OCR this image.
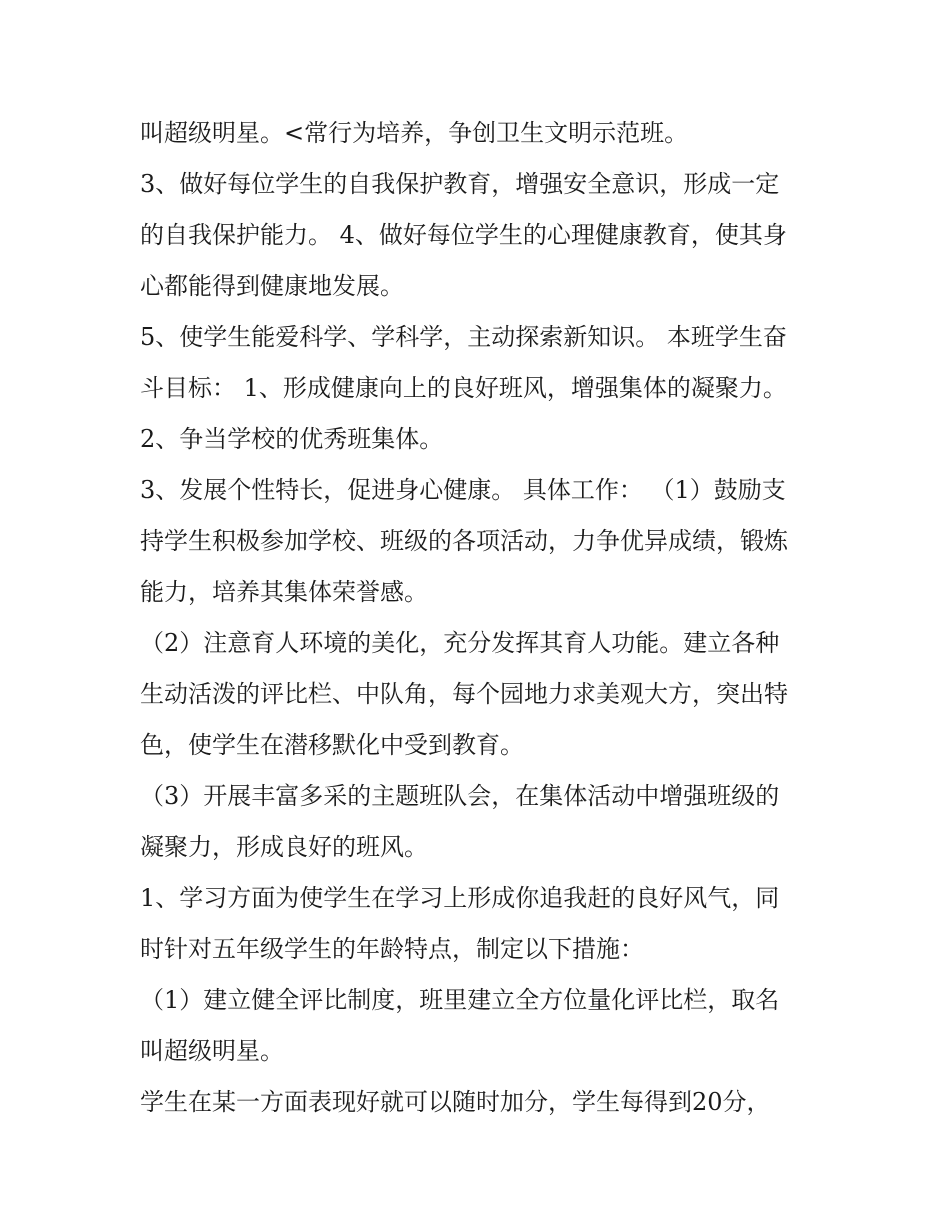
叫超级明星。<常行为培养，争创卫生文明示范班。
3、做好每位学生的自我保护教育，增强安全意识，形成一定
的自我保护能力。 4、做好每位学生的心理健康教育，使其身
心都能得到健康地发展。
5、使学生能爱科学、学科学，主动探索新知识。 本班学生奋
斗目标： 1、形成健康向上的良好班风，增强集体的凝聚力。
2、争当学校的优秀班集体。
3、发展个性特长，促进身心健康。 具体工作： （1）鼓励支
持学生积极参加学校、班级的各项活动，力争优异成绩，锻炼
能力，培养其集体荣誉感。
（2）注意育人环境的美化，充分发挥其育人功能。建立各种
生动活泼的评比栏、中队角，每个园地力求美观大方，突出特
色，使学生在潜移默化中受到教育。
（3）开展丰富多采的主题班队会，在集体活动中增强班级的
凝聚力，形成良好的班风。
1、学习方面为使学生在学习上形成你追我赶的良好风气，同
时针对五年级学生的年龄特点，制定以下措施：
（1）建立健全评比制度，班里建立全方位量化评比栏，取名
叫超级明星。
学生在某一方面表现好就可以随时加分，学生每得到20分，
